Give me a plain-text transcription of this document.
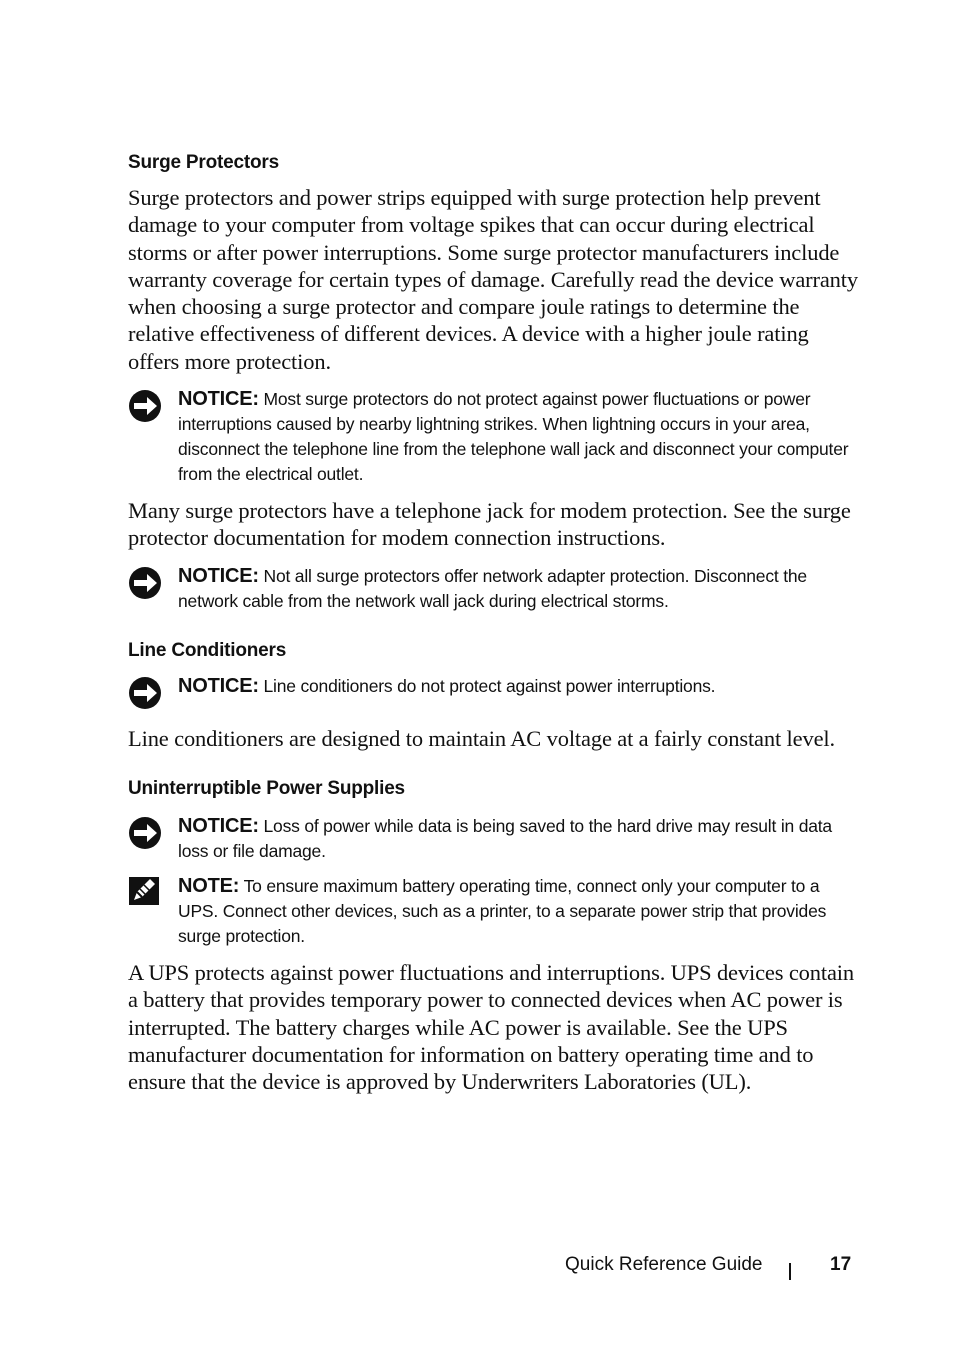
Surge Protectors

Surge protectors and power strips equipped with surge protection help prevent damage to your computer from voltage spikes that can occur during electrical storms or after power interruptions. Some surge protector manufacturers include warranty coverage for certain types of damage. Carefully read the device warranty when choosing a surge protector and compare joule ratings to determine the relative effectiveness of different devices. A device with a higher joule rating offers more protection.

NOTICE: Most surge protectors do not protect against power fluctuations or power interruptions caused by nearby lightning strikes. When lightning occurs in your area, disconnect the telephone line from the telephone wall jack and disconnect your computer from the electrical outlet.

Many surge protectors have a telephone jack for modem protection. See the surge protector documentation for modem connection instructions.

NOTICE: Not all surge protectors offer network adapter protection. Disconnect the network cable from the network wall jack during electrical storms.
Line Conditioners
NOTICE: Line conditioners do not protect against power interruptions.

Line conditioners are designed to maintain AC voltage at a fairly constant level.

Uninterruptible Power Supplies
NOTICE: Loss of power while data is being saved to the hard drive may result in data loss or file damage.
NOTE: To ensure maximum battery operating time, connect only your computer to a UPS. Connect other devices, such as a printer, to a separate power strip that provides surge protection.

A UPS protects against power fluctuations and interruptions. UPS devices contain a battery that provides temporary power to connected devices when AC power is interrupted. The battery charges while AC power is available. See the UPS manufacturer documentation for information on battery operating time and to ensure that the device is approved by Underwriters Laboratories (UL).

Quick Reference Guide	17
